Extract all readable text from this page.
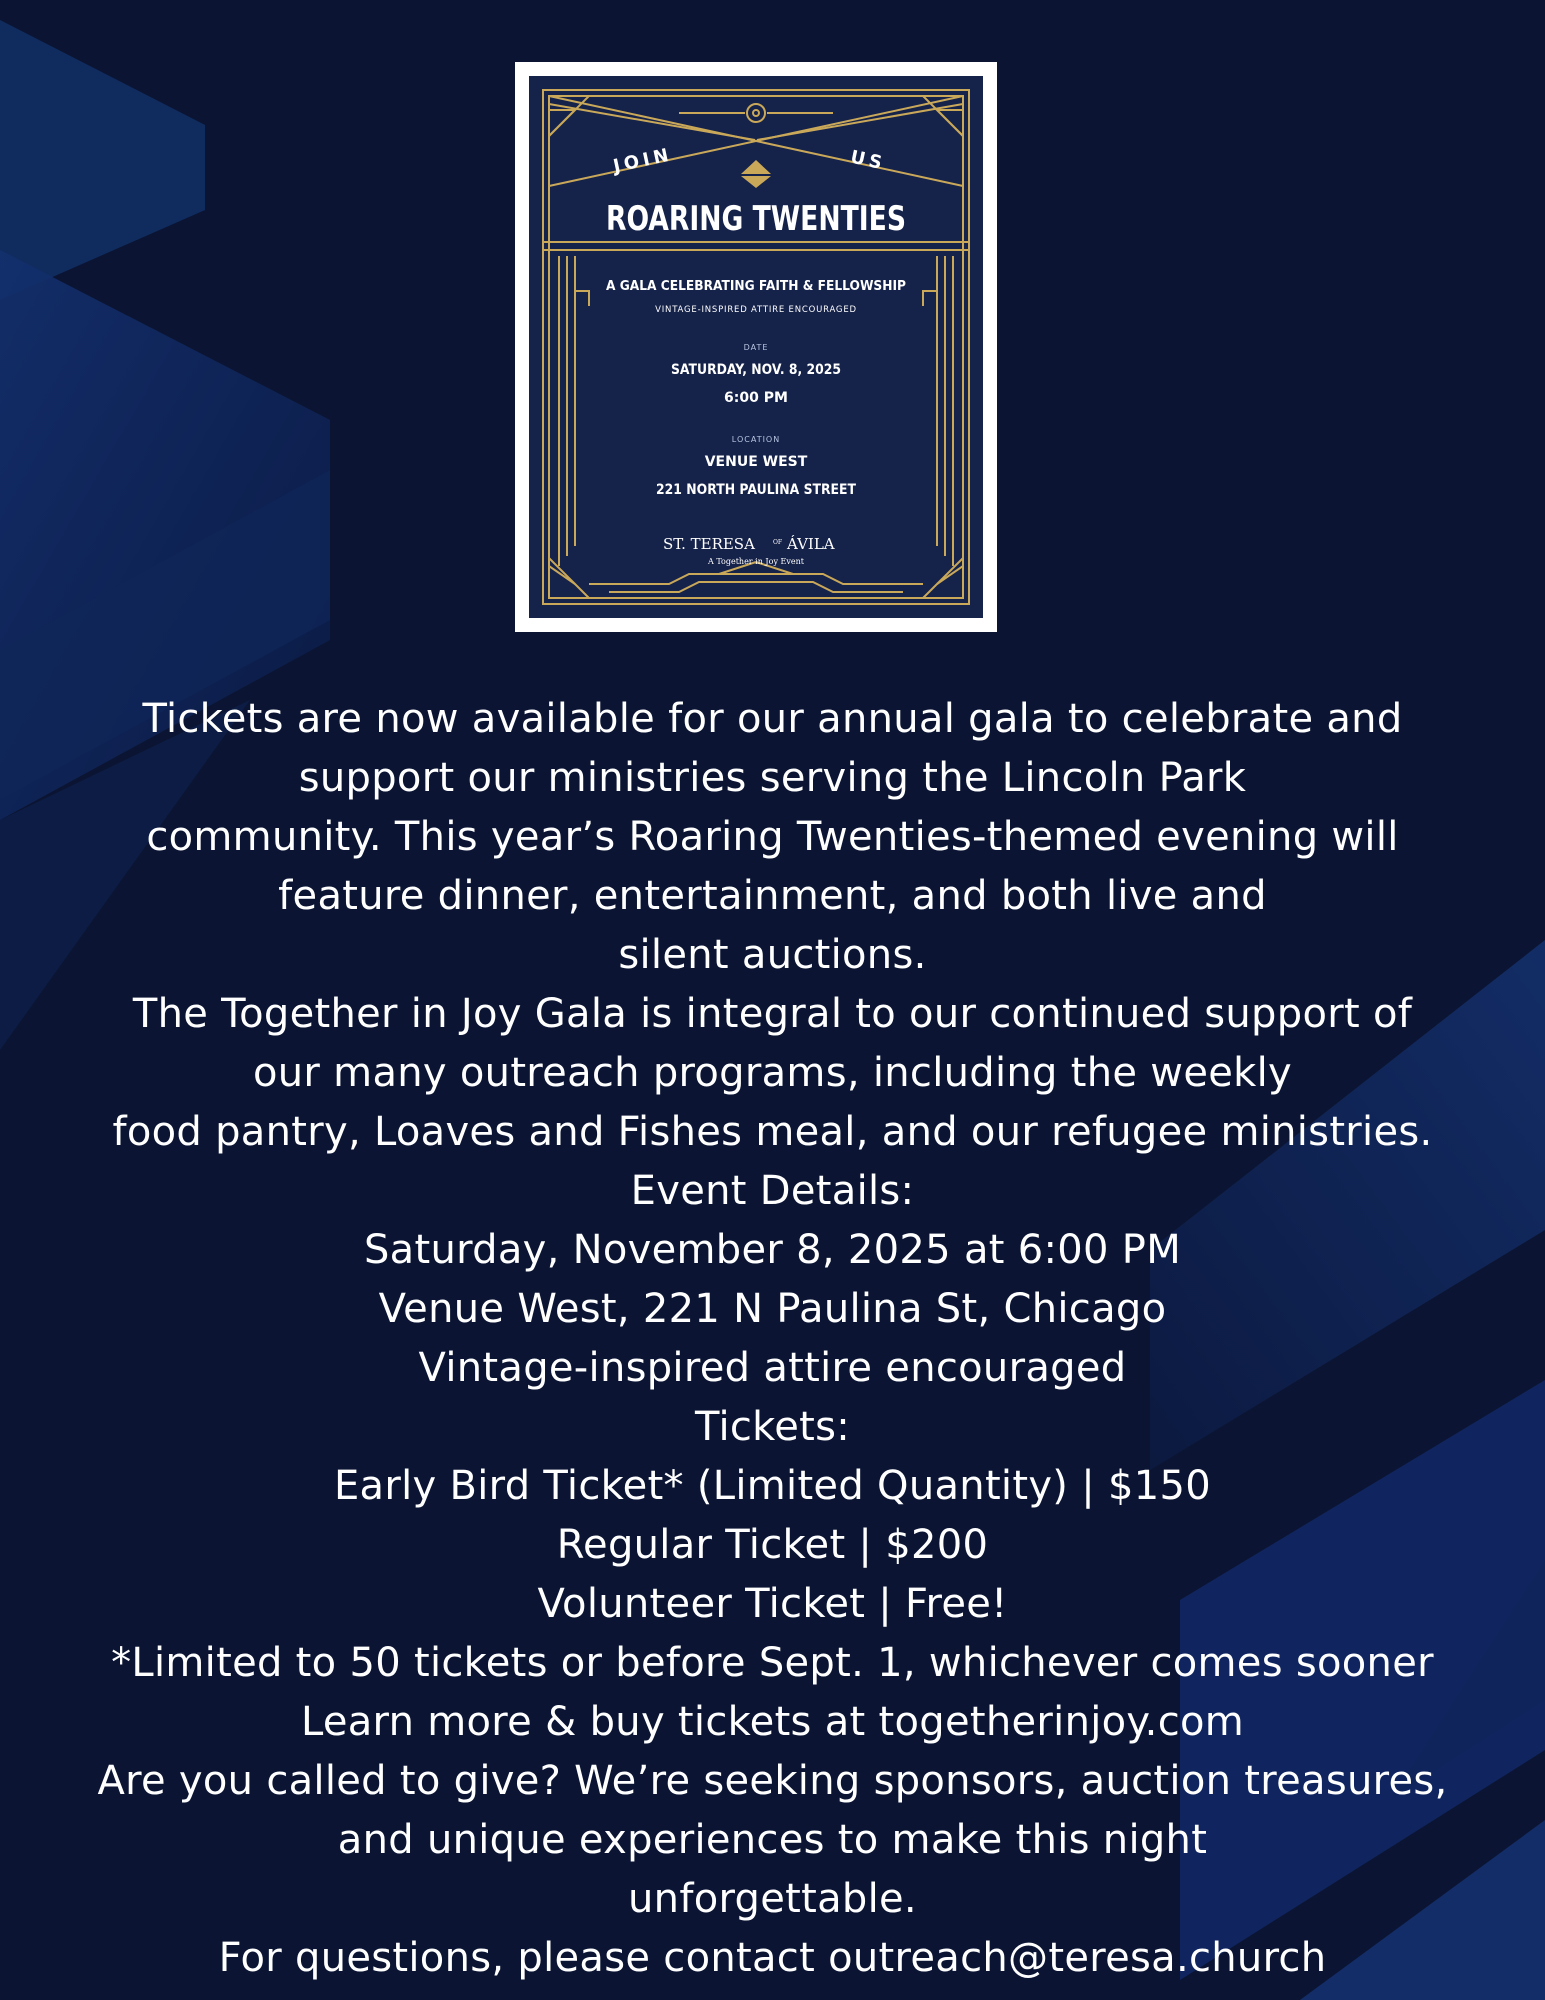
JOIN	US
ROARING TWENTIES
A GALA CELEBRATING FAITH & FELLOWSHIP
VINTAGE-INSPIRED ATTIRE ENCOURAGED
DATE
SATURDAY, NOV. 8, 2025
6:00 PM
LOCATION
VENUE WEST
221 NORTH PAULINA STREET
ST. TERESA	OF ÁVILA
A Together in Joy Event

Tickets are now available for our annual gala to celebrate and

support our ministries serving the Lincoln Park

community. This year’s Roaring Twenties-themed evening will

feature dinner, entertainment, and both live and

silent auctions.

The Together in Joy Gala is integral to our continued support of

our many outreach programs, including the weekly

food pantry, Loaves and Fishes meal, and our refugee ministries.

Event Details:

Saturday, November 8, 2025 at 6:00 PM

Venue West, 221 N Paulina St, Chicago

Vintage-inspired attire encouraged

Tickets:

Early Bird Ticket* (Limited Quantity) | $150

Regular Ticket | $200

Volunteer Ticket | Free!

*Limited to 50 tickets or before Sept. 1, whichever comes sooner

Learn more & buy tickets at togetherinjoy.com

Are you called to give? We’re seeking sponsors, auction treasures,

and unique experiences to make this night

unforgettable.

For questions, please contact outreach@teresa.church
